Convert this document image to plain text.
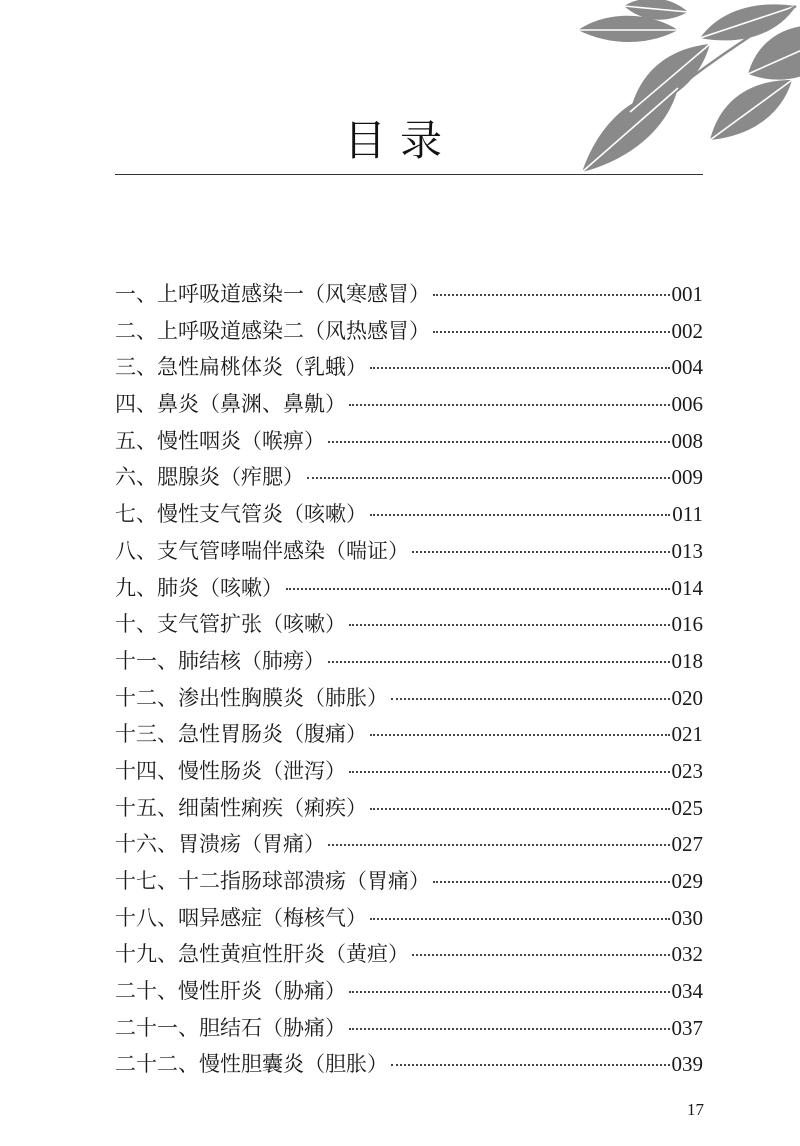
目录
一、上呼吸道感染一（风寒感冒）	001
二、上呼吸道感染二（风热感冒）	002
三、急性扁桃体炎（乳蛾）	004
四、鼻炎（鼻渊、鼻鼽）	006
五、慢性咽炎（喉痹）	008
六、腮腺炎（痄腮）	009
七、慢性支气管炎（咳嗽）	011
八、支气管哮喘伴感染（喘证）	013
九、肺炎（咳嗽）	014
十、支气管扩张（咳嗽）	016
十一、肺结核（肺痨）	018
十二、渗出性胸膜炎（肺胀）	020
十三、急性胃肠炎（腹痛）	021
十四、慢性肠炎（泄泻）	023
十五、细菌性痢疾（痢疾）	025
十六、胃溃疡（胃痛）	027
十七、十二指肠球部溃疡（胃痛）	029
十八、咽异感症（梅核气）	030
十九、急性黄疸性肝炎（黄疸）	032
二十、慢性肝炎（胁痛）	034
二十一、胆结石（胁痛）	037
二十二、慢性胆囊炎（胆胀）	039
17
